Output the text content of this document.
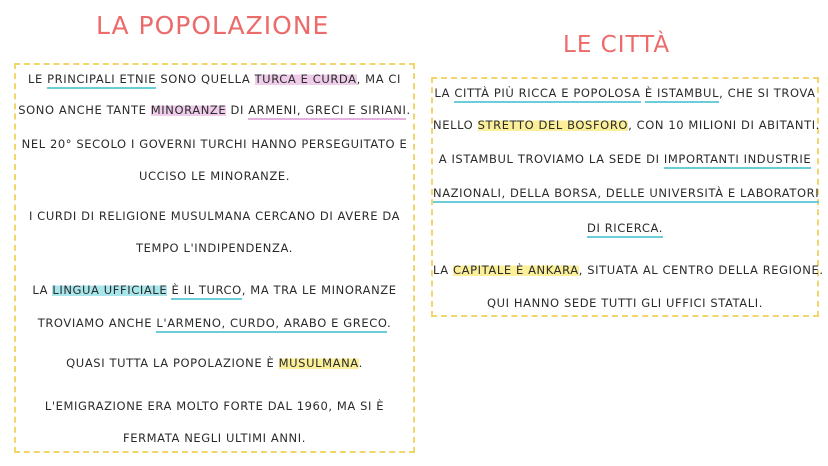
LA POPOLAZIONE

LE PRINCIPALI ETNIE SONO QUELLA TURCA E CURDA, MA CI

SONO ANCHE TANTE MINORANZE DI ARMENI, GRECI E SIRIANI.

NEL 20° SECOLO I GOVERNI TURCHI HANNO PERSEGUITATO E

UCCISO LE MINORANZE.

I CURDI DI RELIGIONE MUSULMANA CERCANO DI AVERE DA

TEMPO L'INDIPENDENZA.

LA LINGUA UFFICIALE È IL TURCO, MA TRA LE MINORANZE

TROVIAMO ANCHE L'ARMENO, CURDO, ARABO E GRECO.

QUASI TUTTA LA POPOLAZIONE È MUSULMANA.

L'EMIGRAZIONE ERA MOLTO FORTE DAL 1960, MA SI È

FERMATA NEGLI ULTIMI ANNI.

LE CITTÀ

LA CITTÀ PIÙ RICCA E POPOLOSA È ISTAMBUL, CHE SI TROVA

NELLO STRETTO DEL BOSFORO, CON 10 MILIONI DI ABITANTI.

A ISTAMBUL TROVIAMO LA SEDE DI IMPORTANTI INDUSTRIE

NAZIONALI, DELLA BORSA, DELLE UNIVERSITÀ E LABORATORI

DI RICERCA.

LA CAPITALE È ANKARA, SITUATA AL CENTRO DELLA REGIONE.

QUI HANNO SEDE TUTTI GLI UFFICI STATALI.
